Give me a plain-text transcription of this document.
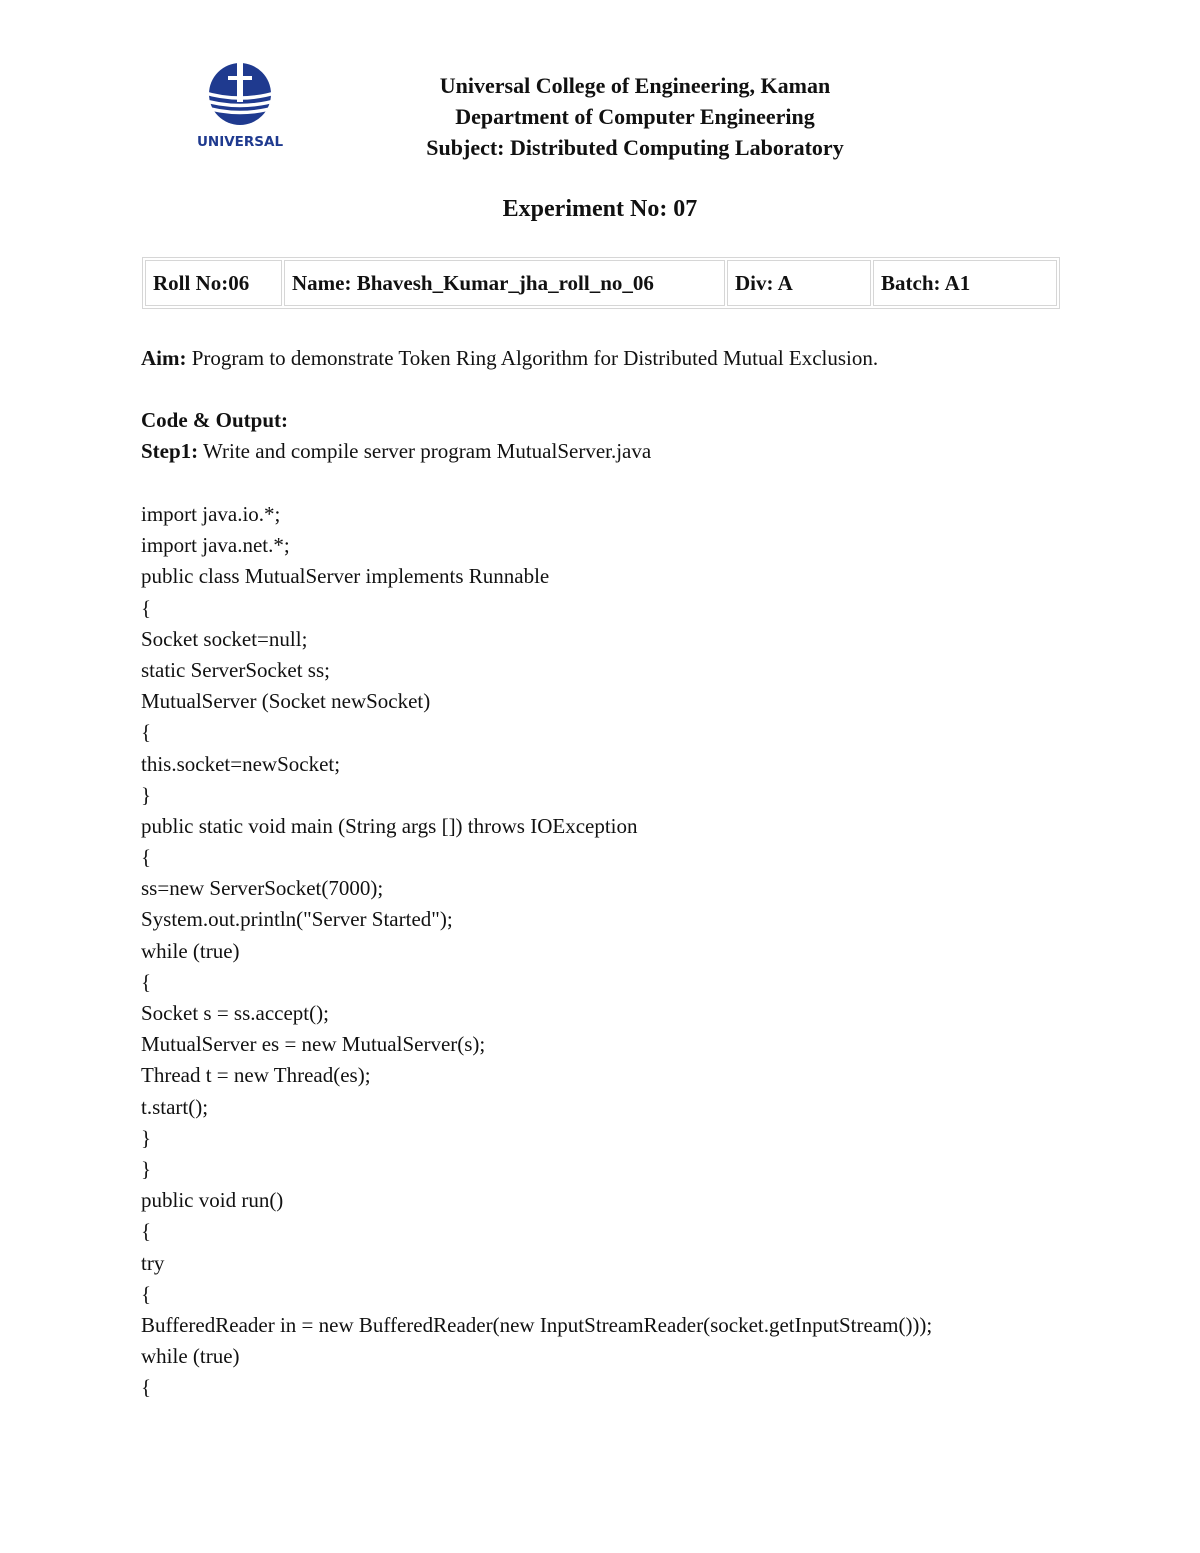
UNIVERSAL
Universal College of Engineering, Kaman
Department of Computer Engineering
Subject: Distributed Computing Laboratory
Experiment No: 07
Roll No:06	Name: Bhavesh_Kumar_jha_roll_no_06	Div: A	Batch: A1
Aim: Program to demonstrate Token Ring Algorithm for Distributed Mutual Exclusion.
Code & Output:
Step1: Write and compile server program MutualServer.java
import java.io.*;
import java.net.*;
public class MutualServer implements Runnable
{
Socket socket=null;
static ServerSocket ss;
MutualServer (Socket newSocket)
{
this.socket=newSocket;
}
public static void main (String args []) throws IOException
{
ss=new ServerSocket(7000);
System.out.println("Server Started");
while (true)
{
Socket s = ss.accept();
MutualServer es = new MutualServer(s);
Thread t = new Thread(es);
t.start();
}
}
public void run()
{
try
{
BufferedReader in = new BufferedReader(new InputStreamReader(socket.getInputStream()));
while (true)
{
